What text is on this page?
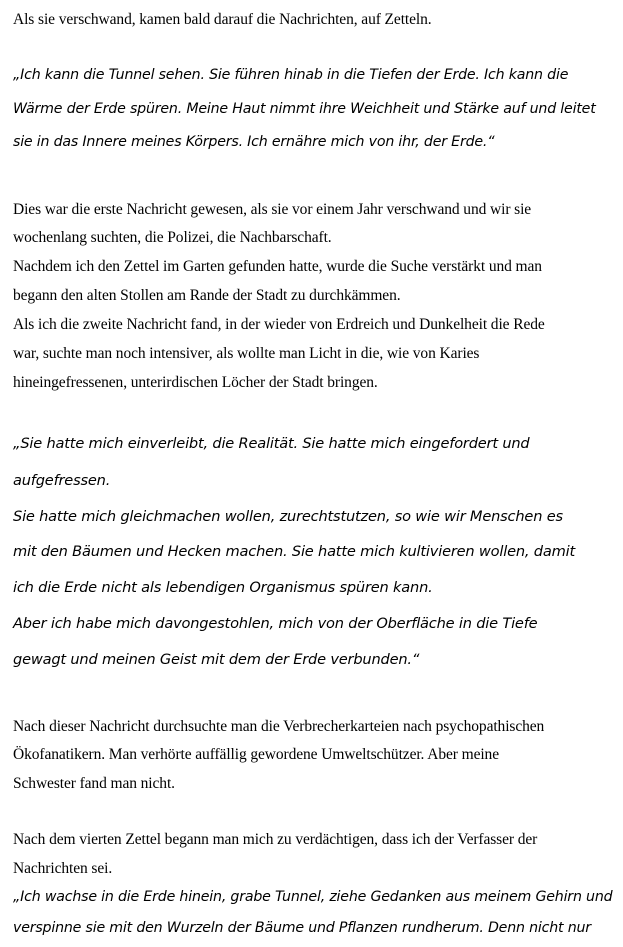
Als sie verschwand, kamen bald darauf die Nachrichten, auf Zetteln.

„Ich kann die Tunnel sehen. Sie führen hinab in die Tiefen der Erde. Ich kann die

Wärme der Erde spüren. Meine Haut nimmt ihre Weichheit und Stärke auf und leitet

sie in das Innere meines Körpers. Ich ernähre mich von ihr, der Erde.“

Dies war die erste Nachricht gewesen, als sie vor einem Jahr verschwand und wir sie

wochenlang suchten, die Polizei, die Nachbarschaft.

Nachdem ich den Zettel im Garten gefunden hatte, wurde die Suche verstärkt und man

begann den alten Stollen am Rande der Stadt zu durchkämmen.

Als ich die zweite Nachricht fand, in der wieder von Erdreich und Dunkelheit die Rede

war, suchte man noch intensiver, als wollte man Licht in die, wie von Karies

hineingefressenen, unterirdischen Löcher der Stadt bringen.

„Sie hatte mich einverleibt, die Realität. Sie hatte mich eingefordert und

aufgefressen.

Sie hatte mich gleichmachen wollen, zurechtstutzen, so wie wir Menschen es

mit den Bäumen und Hecken machen. Sie hatte mich kultivieren wollen, damit

ich die Erde nicht als lebendigen Organismus spüren kann.

Aber ich habe mich davongestohlen, mich von der Oberfläche in die Tiefe

gewagt und meinen Geist mit dem der Erde verbunden.“

Nach dieser Nachricht durchsuchte man die Verbrecherkarteien nach psychopathischen

Ökofanatikern. Man verhörte auffällig gewordene Umweltschützer. Aber meine

Schwester fand man nicht.

Nach dem vierten Zettel begann man mich zu verdächtigen, dass ich der Verfasser der

Nachrichten sei.

„Ich wachse in die Erde hinein, grabe Tunnel, ziehe Gedanken aus meinem Gehirn und

verspinne sie mit den Wurzeln der Bäume und Pflanzen rundherum. Denn nicht nur
